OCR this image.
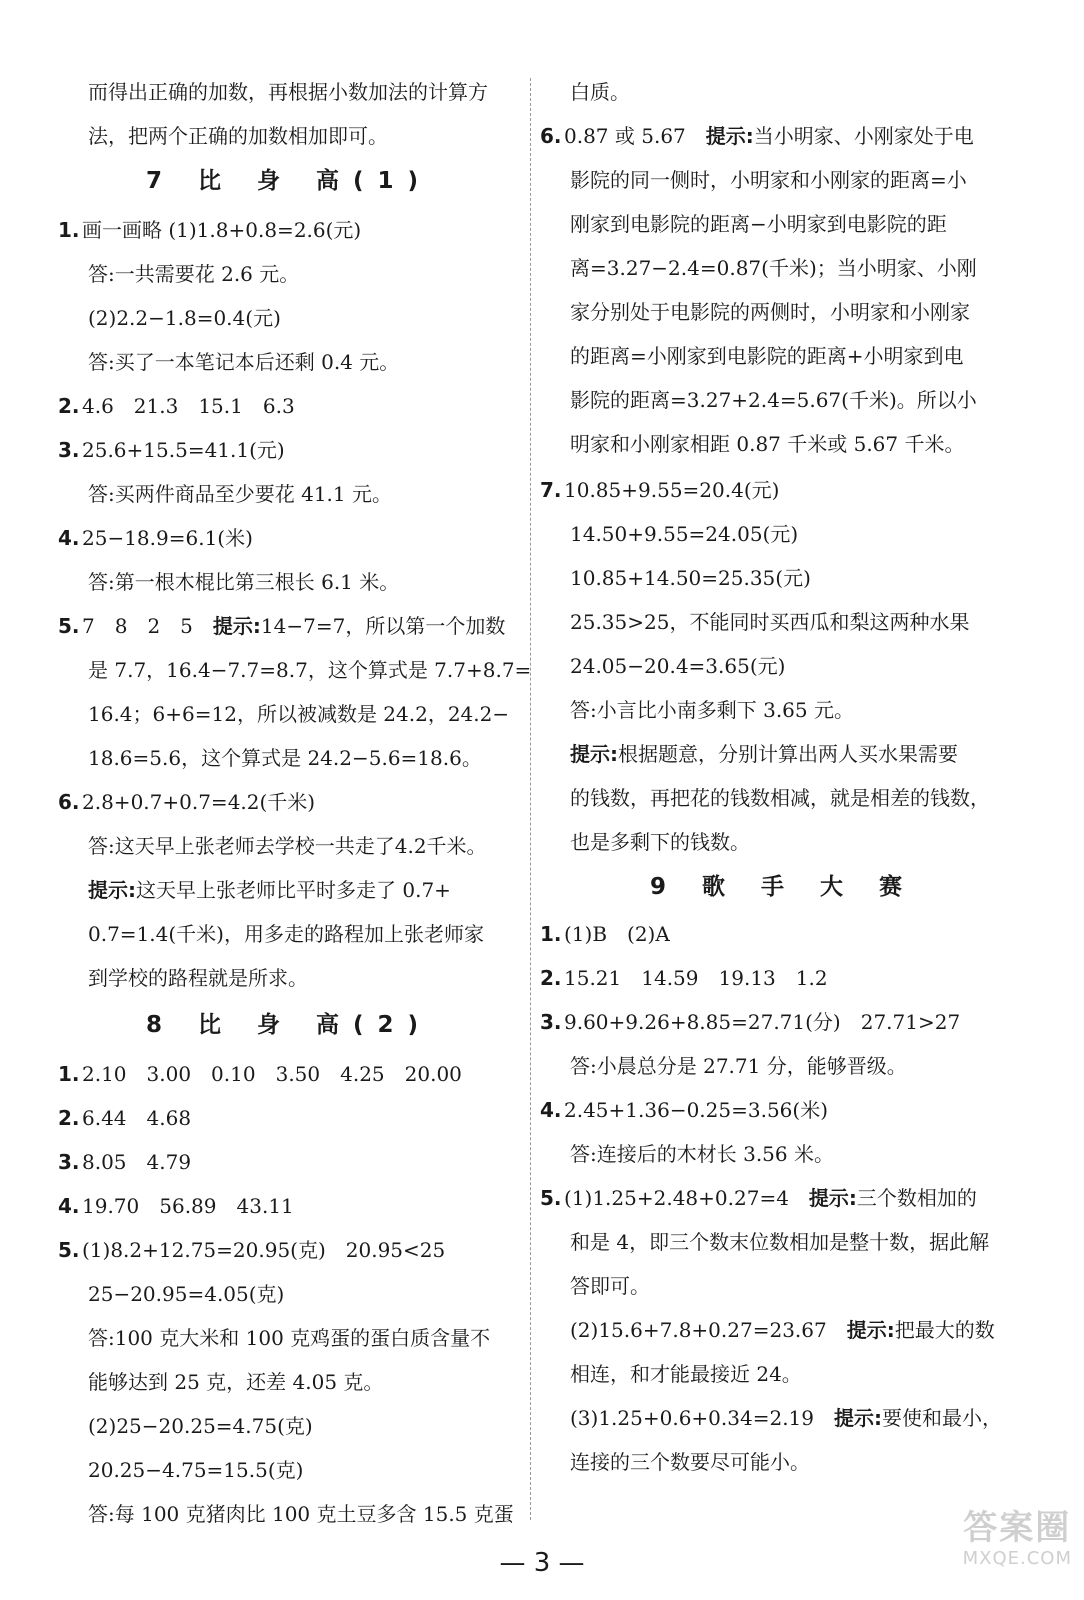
而得出正确的加数，再根据小数加法的计算方
法，把两个正确的加数相加即可。
7 比 身 高(1)
1. 画一画略 (1)1.8+0.8=2.6(元)
答:一共需要花 2.6 元。
(2)2.2−1.8=0.4(元)
答:买了一本笔记本后还剩 0.4 元。
2. 4.6　21.3　15.1　6.3
3. 25.6+15.5=41.1(元)
答:买两件商品至少要花 41.1 元。
4. 25−18.9=6.1(米)
答:第一根木棍比第三根长 6.1 米。
5. 7　8　2　5　提示:14−7=7，所以第一个加数
是 7.7，16.4−7.7=8.7，这个算式是 7.7+8.7=
16.4；6+6=12，所以被减数是 24.2，24.2−
18.6=5.6，这个算式是 24.2−5.6=18.6。
6. 2.8+0.7+0.7=4.2(千米)
答:这天早上张老师去学校一共走了4.2千米。
提示:这天早上张老师比平时多走了 0.7+
0.7=1.4(千米)，用多走的路程加上张老师家
到学校的路程就是所求。
8 比 身 高(2)
1. 2.10　3.00　0.10　3.50　4.25　20.00
2. 6.44　4.68
3. 8.05　4.79
4. 19.70　56.89　43.11
5. (1)8.2+12.75=20.95(克)　20.95<25
25−20.95=4.05(克)
答:100 克大米和 100 克鸡蛋的蛋白质含量不
能够达到 25 克，还差 4.05 克。
(2)25−20.25=4.75(克)
20.25−4.75=15.5(克)
答:每 100 克猪肉比 100 克土豆多含 15.5 克蛋
白质。
6. 0.87 或 5.67　提示:当小明家、小刚家处于电
影院的同一侧时，小明家和小刚家的距离=小
刚家到电影院的距离−小明家到电影院的距
离=3.27−2.4=0.87(千米)；当小明家、小刚
家分别处于电影院的两侧时，小明家和小刚家
的距离=小刚家到电影院的距离+小明家到电
影院的距离=3.27+2.4=5.67(千米)。所以小
明家和小刚家相距 0.87 千米或 5.67 千米。
7. 10.85+9.55=20.4(元)
14.50+9.55=24.05(元)
10.85+14.50=25.35(元)
25.35>25，不能同时买西瓜和梨这两种水果
24.05−20.4=3.65(元)
答:小言比小南多剩下 3.65 元。
提示:根据题意，分别计算出两人买水果需要
的钱数，再把花的钱数相减，就是相差的钱数，
也是多剩下的钱数。
9 歌 手 大 赛
1. (1)B　(2)A
2. 15.21　14.59　19.13　1.2
3. 9.60+9.26+8.85=27.71(分)　27.71>27
答:小晨总分是 27.71 分，能够晋级。
4. 2.45+1.36−0.25=3.56(米)
答:连接后的木材长 3.56 米。
5. (1)1.25+2.48+0.27=4　提示:三个数相加的
和是 4，即三个数末位数相加是整十数，据此解
答即可。
(2)15.6+7.8+0.27=23.67　提示:把最大的数
相连，和才能最接近 24。
(3)1.25+0.6+0.34=2.19　提示:要使和最小，
连接的三个数要尽可能小。
— 3 —
答案圈
MXQE.COM
